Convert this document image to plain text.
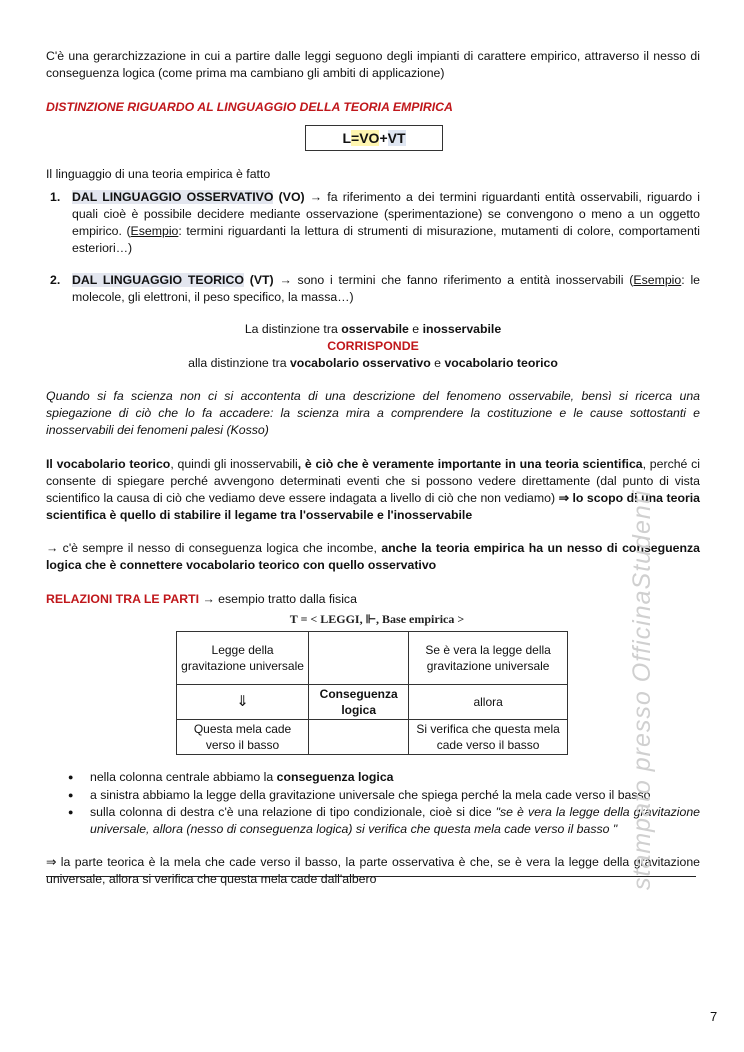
C'è una gerarchizzazione in cui a partire dalle leggi seguono degli impianti di carattere empirico, attraverso il nesso di conseguenza logica (come prima ma cambiano gli ambiti di applicazione)
DISTINZIONE RIGUARDO AL LINGUAGGIO DELLA TEORIA EMPIRICA
L=VO+VT
Il linguaggio di una teoria empirica è fatto
1. DAL LINGUAGGIO OSSERVATIVO (VO) → fa riferimento a dei termini riguardanti entità osservabili, riguardo i quali cioè è possibile decidere mediante osservazione (sperimentazione) se convengono o meno a un oggetto empirico. (Esempio: termini riguardanti la lettura di strumenti di misurazione, mutamenti di colore, comportamenti esteriori…)
2. DAL LINGUAGGIO TEORICO (VT) → sono i termini che fanno riferimento a entità inosservabili (Esempio: le molecole, gli elettroni, il peso specifico, la massa…)
La distinzione tra osservabile e inosservabile
CORRISPONDE
alla distinzione tra vocabolario osservativo e vocabolario teorico
Quando si fa scienza non ci si accontenta di una descrizione del fenomeno osservabile, bensì si ricerca una spiegazione di ciò che lo fa accadere: la scienza mira a comprendere la costituzione e le cause sottostanti e inosservabili dei fenomeni palesi (Kosso)
Il vocabolario teorico, quindi gli inosservabili, è ciò che è veramente importante in una teoria scientifica, perché ci consente di spiegare perché avvengono determinati eventi che si possono vedere direttamente (dal punto di vista scientifico la causa di ciò che vediamo deve essere indagata a livello di ciò che non vediamo) ⇒ lo scopo di una teoria scientifica è quello di stabilire il legame tra l'osservabile e l'inosservabile
→ c'è sempre il nesso di conseguenza logica che incombe, anche la teoria empirica ha un nesso di conseguenza logica che è connettere vocabolario teorico con quello osservativo
RELAZIONI TRA LE PARTI → esempio tratto dalla fisica
T = < LEGGI, ⊩, Base empirica >
Legge della gravitazione universale		Se è vera la legge della gravitazione universale
⇓	Conseguenza logica	allora
Questa mela cade verso il basso		Si verifica che questa mela cade verso il basso
● nella colonna centrale abbiamo la conseguenza logica
● a sinistra abbiamo la legge della gravitazione universale che spiega perché la mela cade verso il basso
● sulla colonna di destra c'è una relazione di tipo condizionale, cioè si dice "se è vera la legge della gravitazione universale, allora (nesso di conseguenza logica) si verifica che questa mela cade verso il basso "
⇒ la parte teorica è la mela che cade verso il basso, la parte osservativa è che, se è vera la legge della gravitazione universale, allora si verifica che questa mela cade dall'albero	stampato presso OfficinaStudenti
7
